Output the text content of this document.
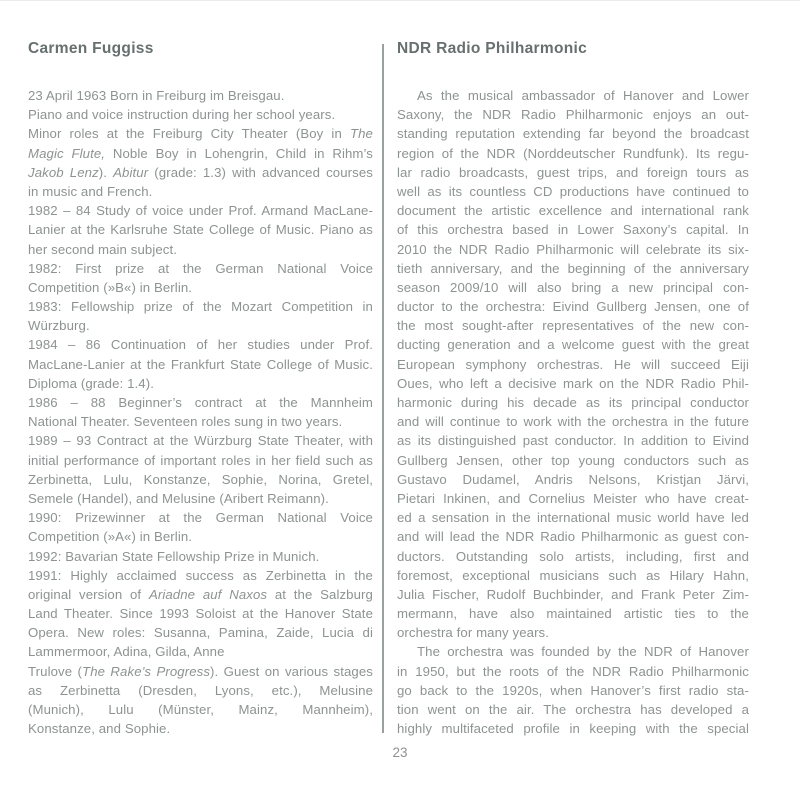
Carmen Fuggiss
23 April 1963 Born in Freiburg im Breisgau.
Piano and voice instruction during her school years.
Minor roles at the Freiburg City Theater (Boy in The
Magic Flute, Noble Boy in Lohengrin, Child in Rihm’s
Jakob Lenz). Abitur (grade: 1.3) with advanced courses
in music and French.
1982 – 84 Study of voice under Prof. Armand MacLane-
Lanier at the Karlsruhe State College of Music. Piano as
her second main subject.
1982: First prize at the German National Voice
Competition (»B«) in Berlin.
1983: Fellowship prize of the Mozart Competition in
Würzburg.
1984 – 86 Continuation of her studies under Prof.
MacLane-Lanier at the Frankfurt State College of Music.
Diploma (grade: 1.4).
1986 – 88 Beginner’s contract at the Mannheim
National Theater. Seventeen roles sung in two years.
1989 – 93 Contract at the Würzburg State Theater, with
initial performance of important roles in her field such as
Zerbinetta, Lulu, Konstanze, Sophie, Norina, Gretel,
Semele (Handel), and Melusine (Aribert Reimann).
1990: Prizewinner at the German National Voice
Competition (»A«) in Berlin.
1992: Bavarian State Fellowship Prize in Munich.
1991: Highly acclaimed success as Zerbinetta in the
original version of Ariadne auf Naxos at the Salzburg
Land Theater. Since 1993 Soloist at the Hanover State
Opera. New roles: Susanna, Pamina, Zaide, Lucia di
Lammermoor, Adina, Gilda, Anne
Trulove (The Rake’s Progress). Guest on various stages
as Zerbinetta (Dresden, Lyons, etc.), Melusine
(Munich), Lulu (Münster, Mainz, Mannheim),
Konstanze, and Sophie.
NDR Radio Philharmonic
As the musical ambassador of Hanover and Lower
Saxony, the NDR Radio Philharmonic enjoys an out-
standing reputation extending far beyond the broadcast
region of the NDR (Norddeutscher Rundfunk). Its regu-
lar radio broadcasts, guest trips, and foreign tours as
well as its countless CD productions have continued to
document the artistic excellence and international rank
of this orchestra based in Lower Saxony’s capital. In
2010 the NDR Radio Philharmonic will celebrate its six-
tieth anniversary, and the beginning of the anniversary
season 2009/10 will also bring a new principal con-
ductor to the orchestra: Eivind Gullberg Jensen, one of
the most sought-after representatives of the new con-
ducting generation and a welcome guest with the great
European symphony orchestras. He will succeed Eiji
Oues, who left a decisive mark on the NDR Radio Phil-
harmonic during his decade as its principal conductor
and will continue to work with the orchestra in the future
as its distinguished past conductor. In addition to Eivind
Gullberg Jensen, other top young conductors such as
Gustavo Dudamel, Andris Nelsons, Kristjan Järvi,
Pietari Inkinen, and Cornelius Meister who have creat-
ed a sensation in the international music world have led
and will lead the NDR Radio Philharmonic as guest con-
ductors. Outstanding solo artists, including, first and
foremost, exceptional musicians such as Hilary Hahn,
Julia Fischer, Rudolf Buchbinder, and Frank Peter Zim-
mermann, have also maintained artistic ties to the
orchestra for many years.
The orchestra was founded by the NDR of Hanover
in 1950, but the roots of the NDR Radio Philharmonic
go back to the 1920s, when Hanover’s first radio sta-
tion went on the air. The orchestra has developed a
highly multifaceted profile in keeping with the special
23
